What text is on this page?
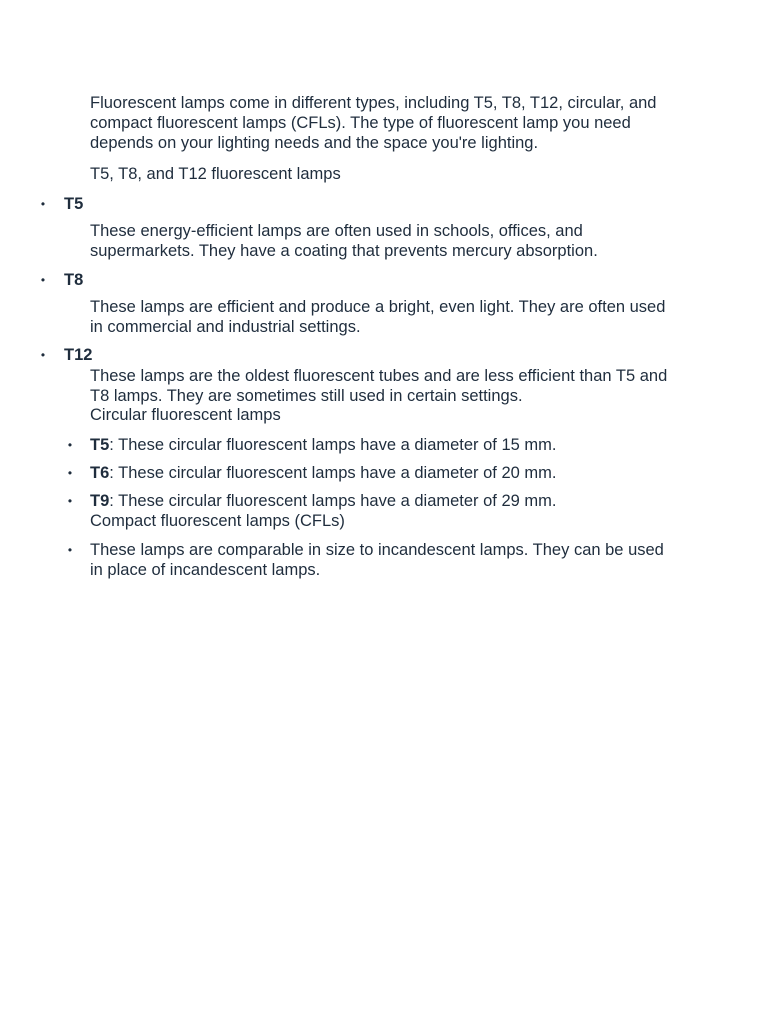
Fluorescent lamps come in different types, including T5, T8, T12, circular, and compact fluorescent lamps (CFLs). The type of fluorescent lamp you need depends on your lighting needs and the space you're lighting.

T5, T8, and T12 fluorescent lamps

• T5

These energy-efficient lamps are often used in schools, offices, and supermarkets. They have a coating that prevents mercury absorption.

• T8

These lamps are efficient and produce a bright, even light. They are often used in commercial and industrial settings.

• T12

These lamps are the oldest fluorescent tubes and are less efficient than T5 and T8 lamps. They are sometimes still used in certain settings.

Circular fluorescent lamps

• T5: These circular fluorescent lamps have a diameter of 15 mm.

• T6: These circular fluorescent lamps have a diameter of 20 mm.

• T9: These circular fluorescent lamps have a diameter of 29 mm.

Compact fluorescent lamps (CFLs)

• These lamps are comparable in size to incandescent lamps. They can be used in place of incandescent lamps.
